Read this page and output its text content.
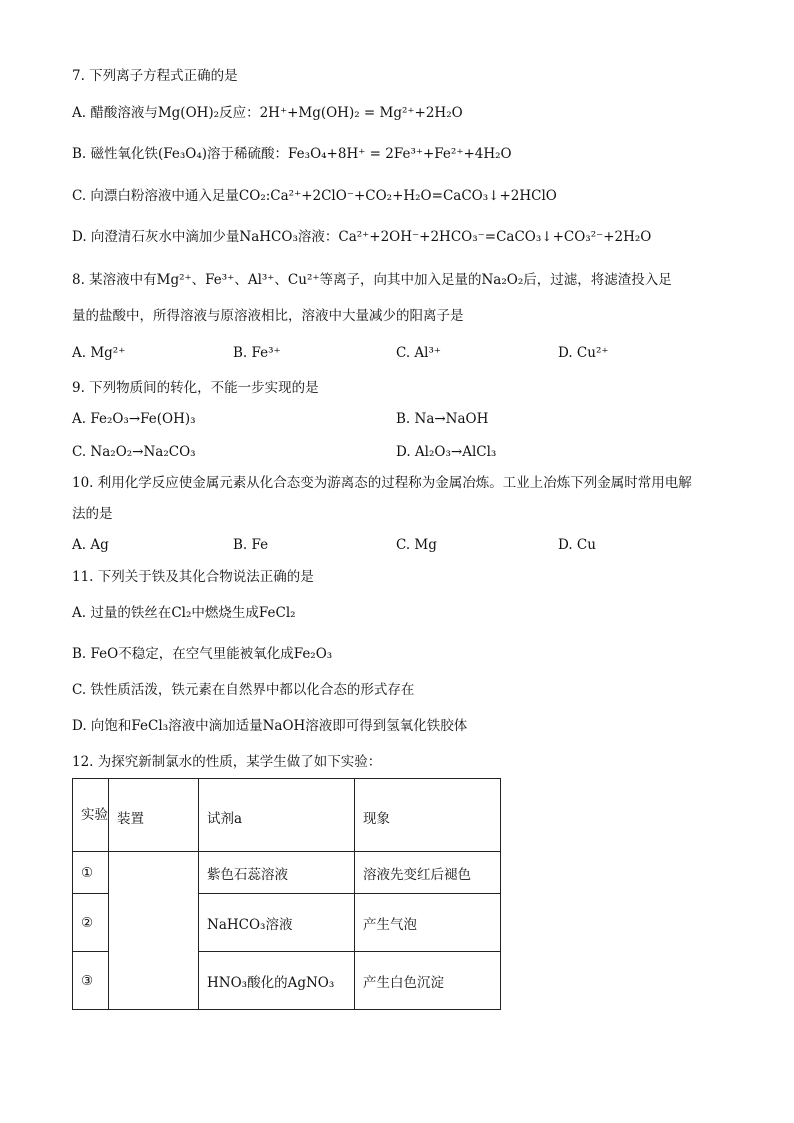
7. 下列离子方程式正确的是
A. 醋酸溶液与Mg(OH)₂反应：2H⁺+Mg(OH)₂ = Mg²⁺+2H₂O
B. 磁性氧化铁(Fe₃O₄)溶于稀硫酸：Fe₃O₄+8H⁺ = 2Fe³⁺+Fe²⁺+4H₂O
C. 向漂白粉溶液中通入足量CO₂:Ca²⁺+2ClO⁻+CO₂+H₂O=CaCO₃↓+2HClO
D. 向澄清石灰水中滴加少量NaHCO₃溶液：Ca²⁺+2OH⁻+2HCO₃⁻=CaCO₃↓+CO₃²⁻+2H₂O
8. 某溶液中有Mg²⁺、Fe³⁺、Al³⁺、Cu²⁺等离子，向其中加入足量的Na₂O₂后，过滤，将滤渣投入足
量的盐酸中，所得溶液与原溶液相比，溶液中大量减少的阳离子是
A. Mg²⁺	B. Fe³⁺	C. Al³⁺	D. Cu²⁺
9. 下列物质间的转化，不能一步实现的是
A. Fe₂O₃→Fe(OH)₃	B. Na→NaOH
C. Na₂O₂→Na₂CO₃	D. Al₂O₃→AlCl₃
10. 利用化学反应使金属元素从化合态变为游离态的过程称为金属冶炼。工业上冶炼下列金属时常用电解
法的是
A. Ag	B. Fe	C. Mg	D. Cu
11. 下列关于铁及其化合物说法正确的是
A. 过量的铁丝在Cl₂中燃烧生成FeCl₂
B. FeO不稳定，在空气里能被氧化成Fe₂O₃
C. 铁性质活泼，铁元素在自然界中都以化合态的形式存在
D. 向饱和FeCl₃溶液中滴加适量NaOH溶液即可得到氢氧化铁胶体
12. 为探究新制氯水的性质，某学生做了如下实验：
实验	装置	试剂a	现象
①		紫色石蕊溶液	溶液先变红后褪色
②		NaHCO₃溶液	产生气泡
③		HNO₃酸化的AgNO₃	产生白色沉淀
